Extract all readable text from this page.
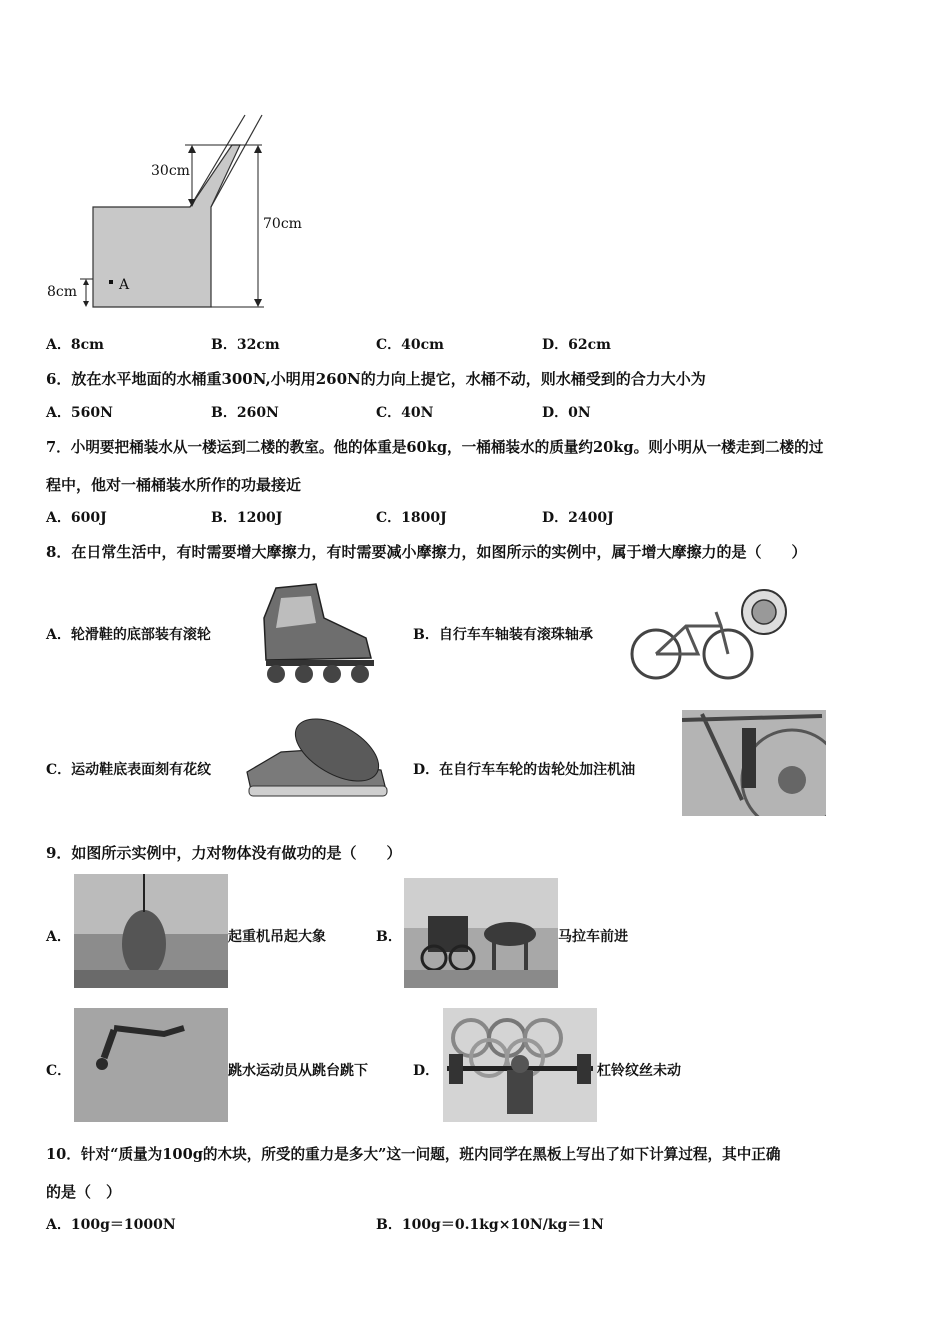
30cm
70cm
8cm	A
A．8cm	B．32cm	C．40cm	D．62cm
6．放在水平地面的水桶重300N,小明用260N的力向上提它，水桶不动，则水桶受到的合力大小为
A．560N	B．260N	C．40N	D．0N
7．小明要把桶装水从一楼运到二楼的教室。他的体重是60kg，一桶桶装水的质量约20kg。则小明从一楼走到二楼的过
程中，他对一桶桶装水所作的功最接近
A．600J	B．1200J	C．1800J	D．2400J
8．在日常生活中，有时需要增大摩擦力，有时需要减小摩擦力，如图所示的实例中，属于增大摩擦力的是（　　）
A．轮滑鞋的底部装有滚轮	B．自行车车轴装有滚珠轴承
C．运动鞋底表面刻有花纹	D．在自行车车轮的齿轮处加注机油
9．如图所示实例中，力对物体没有做功的是（　　）
A．	起重机吊起大象	B．	马拉车前进
C．	跳水运动员从跳台跳下	D．	杠铃纹丝未动
10．针对“质量为100g的木块，所受的重力是多大”这一问题，班内同学在黑板上写出了如下计算过程，其中正确
的是（　）
A．100g＝1000N	B．100g＝0.1kg×10N/kg＝1N
